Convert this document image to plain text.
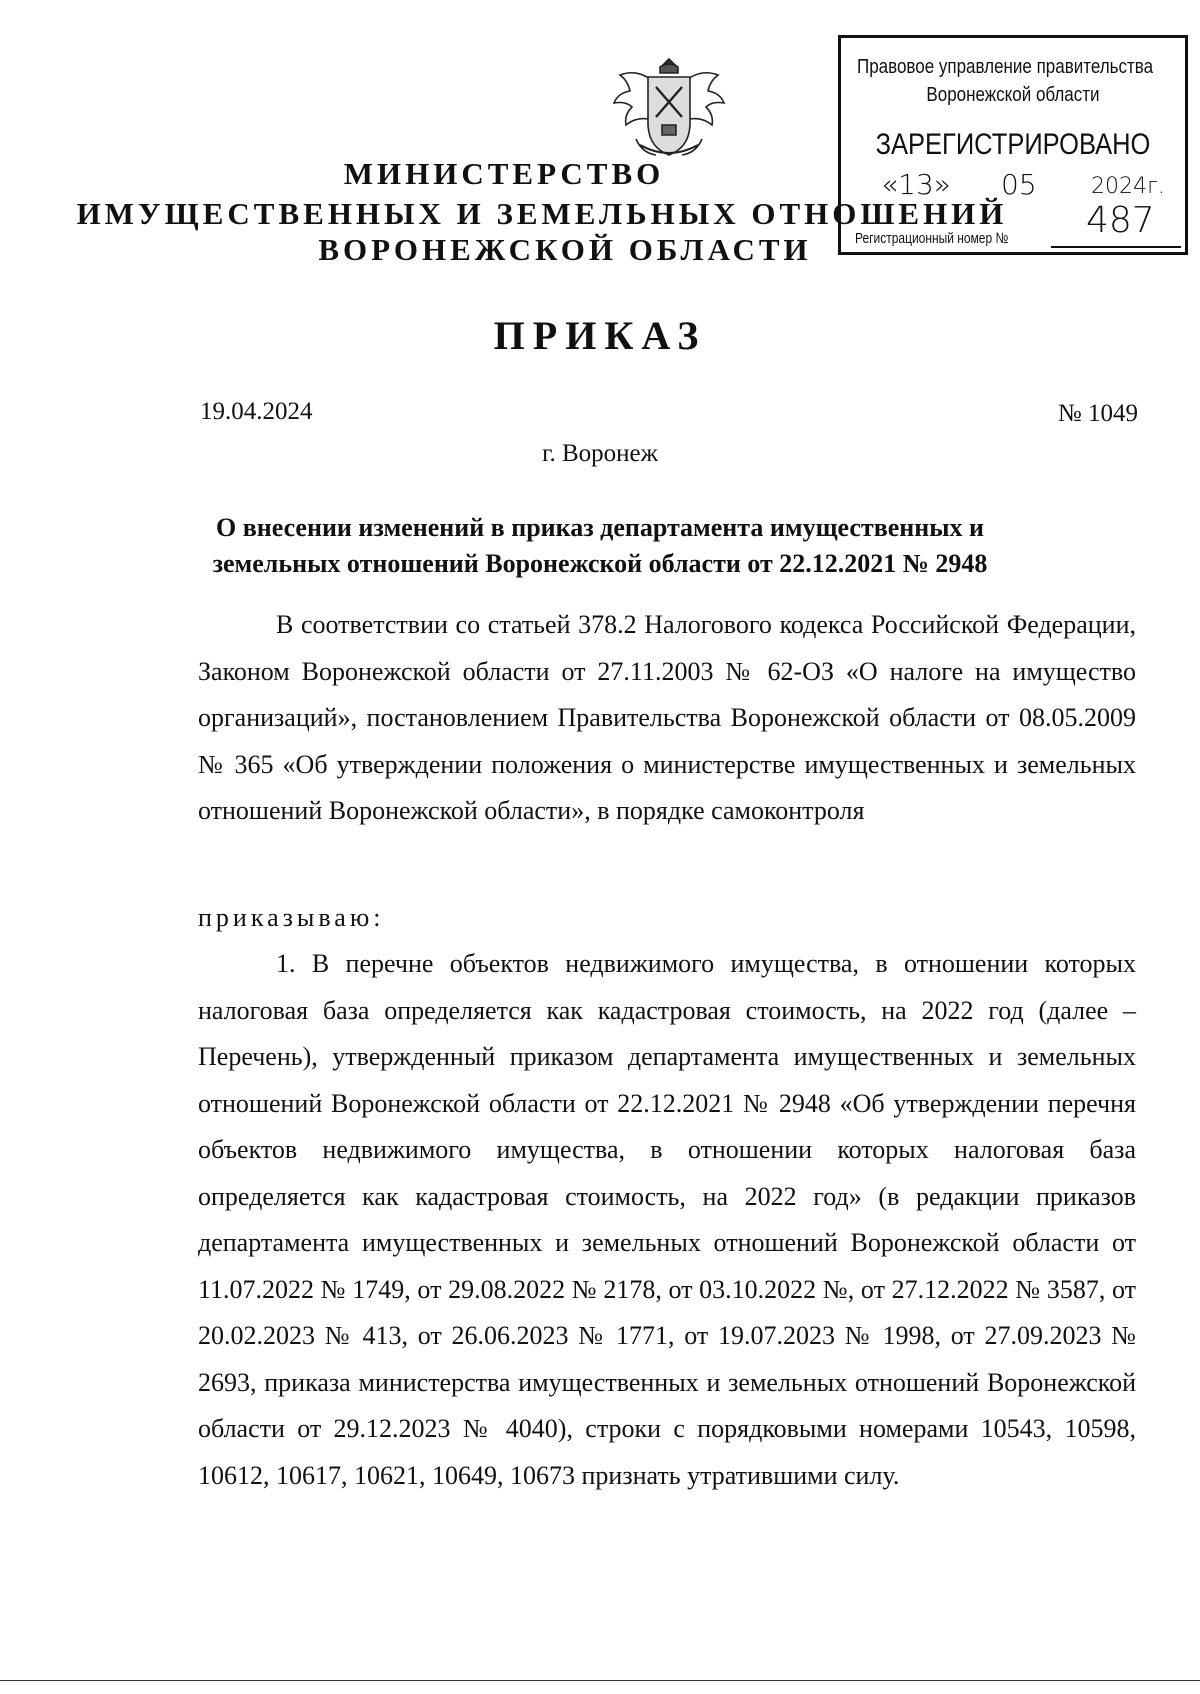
МИНИСТЕРСТВО
ИМУЩЕСТВЕННЫХ И ЗЕМЕЛЬНЫХ ОТНОШЕНИЙ
ВОРОНЕЖСКОЙ ОБЛАСТИ
Правовое управление правительства
Воронежской области
ЗАРЕГИСТРИРОВАНО
«13» 05 2024г.
Регистрационный номер № 487
ПРИКАЗ
19.04.2024	№ 1049
г. Воронеж
О внесении изменений в приказ департамента имущественных и земельных отношений Воронежской области от 22.12.2021 № 2948
В соответствии со статьей 378.2 Налогового кодекса Российской Федерации, Законом Воронежской области от 27.11.2003 № 62-ОЗ «О налоге на имущество организаций», постановлением Правительства Воронежской области от 08.05.2009 № 365 «Об утверждении положения о министерстве имущественных и земельных отношений Воронежской области», в порядке самоконтроля
приказываю:
1. В перечне объектов недвижимого имущества, в отношении которых налоговая база определяется как кадастровая стоимость, на 2022 год (далее – Перечень), утвержденный приказом департамента имущественных и земельных отношений Воронежской области от 22.12.2021 № 2948 «Об утверждении перечня объектов недвижимого имущества, в отношении которых налоговая база определяется как кадастровая стоимость, на 2022 год» (в редакции приказов департамента имущественных и земельных отношений Воронежской области от 11.07.2022 № 1749, от 29.08.2022 № 2178, от 03.10.2022 №, от 27.12.2022 № 3587, от 20.02.2023 № 413, от 26.06.2023 № 1771, от 19.07.2023 № 1998, от 27.09.2023 № 2693, приказа министерства имущественных и земельных отношений Воронежской области от 29.12.2023 № 4040), строки с порядковыми номерами 10543, 10598, 10612, 10617, 10621, 10649, 10673 признать утратившими силу.
